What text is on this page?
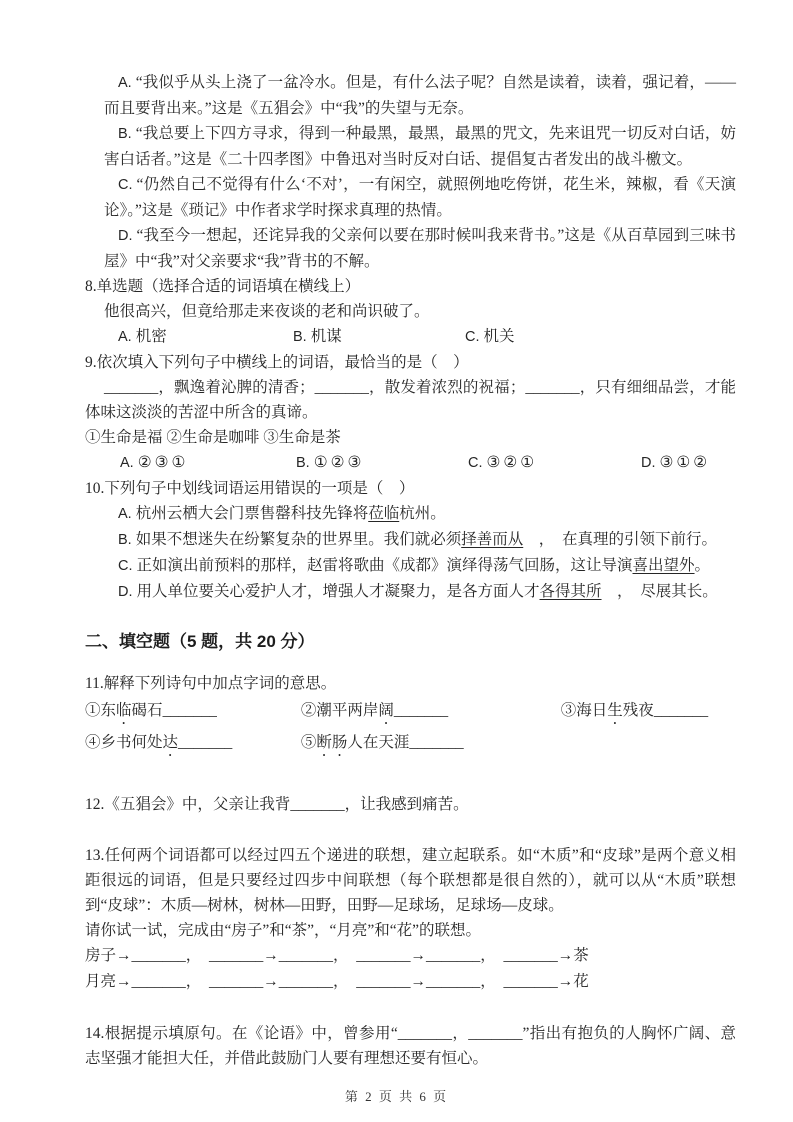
A. “我似乎从头上浇了一盆冷水。但是，有什么法子呢？自然是读着，读着，强记着，——而且要背出来。”这是《五猖会》中“我”的失望与无奈。

B. “我总要上下四方寻求，得到一种最黑，最黑，最黑的咒文，先来诅咒一切反对白话，妨害白话者。”这是《二十四孝图》中鲁迅对当时反对白话、提倡复古者发出的战斗檄文。

C. “仍然自己不觉得有什么‘不对’，一有闲空，就照例地吃侉饼，花生米，辣椒，看《天演论》。”这是《琐记》中作者求学时探求真理的热情。

D. “我至今一想起，还诧异我的父亲何以要在那时候叫我来背书。”这是《从百草园到三味书屋》中“我”对父亲要求“我”背书的不解。

8.单选题（选择合适的词语填在横线上）

他很高兴，但竟给那走来夜谈的老和尚识破了。

A. 机密	B. 机谋	C. 机关

9.依次填入下列句子中横线上的词语，最恰当的是（　）

_______，飘逸着沁脾的清香；_______，散发着浓烈的祝福；_______，只有细细品尝，才能体味这淡淡的苦涩中所含的真谛。

①生命是福 ②生命是咖啡 ③生命是茶

A. ②③①	B. ①②③	C. ③②①	D. ③①②

10.下列句子中划线词语运用错误的一项是（　）

A. 杭州云栖大会门票售罄科技先锋将莅临杭州。

B. 如果不想迷失在纷繁复杂的世界里。我们就必须择善而从　，　在真理的引领下前行。

C. 正如演出前预料的那样，赵雷将歌曲《成都》演绎得荡气回肠，这让导演喜出望外。

D. 用人单位要关心爱护人才，增强人才凝聚力，是各方面人才各得其所　，　尽展其长。

二、填空题（5 题，共 20 分）

11.解释下列诗句中加点字词的意思。

①东临碣石_______	②潮平两岸阔_______	③海日生残夜_______
④乡书何处达_______	⑤断肠人在天涯_______

12.《五猖会》中，父亲让我背_______，让我感到痛苦。

13.任何两个词语都可以经过四五个递进的联想，建立起联系。如“木质”和“皮球”是两个意义相距很远的词语，但是只要经过四步中间联想（每个联想都是很自然的），就可以从“木质”联想到“皮球”：木质—树林，树林—田野，田野—足球场，足球场—皮球。

请你试一试，完成由“房子”和“茶”，“月亮”和“花”的联想。

房子→_______，　_______→_______，　_______→_______，　_______→茶

月亮→_______，　_______→_______，　_______→_______，　_______→花

14.根据提示填原句。在《论语》中，曾参用“_______，_______”指出有抱负的人胸怀广阔、意志坚强才能担大任，并借此鼓励门人要有理想还要有恒心。

第 2 页 共 6 页
